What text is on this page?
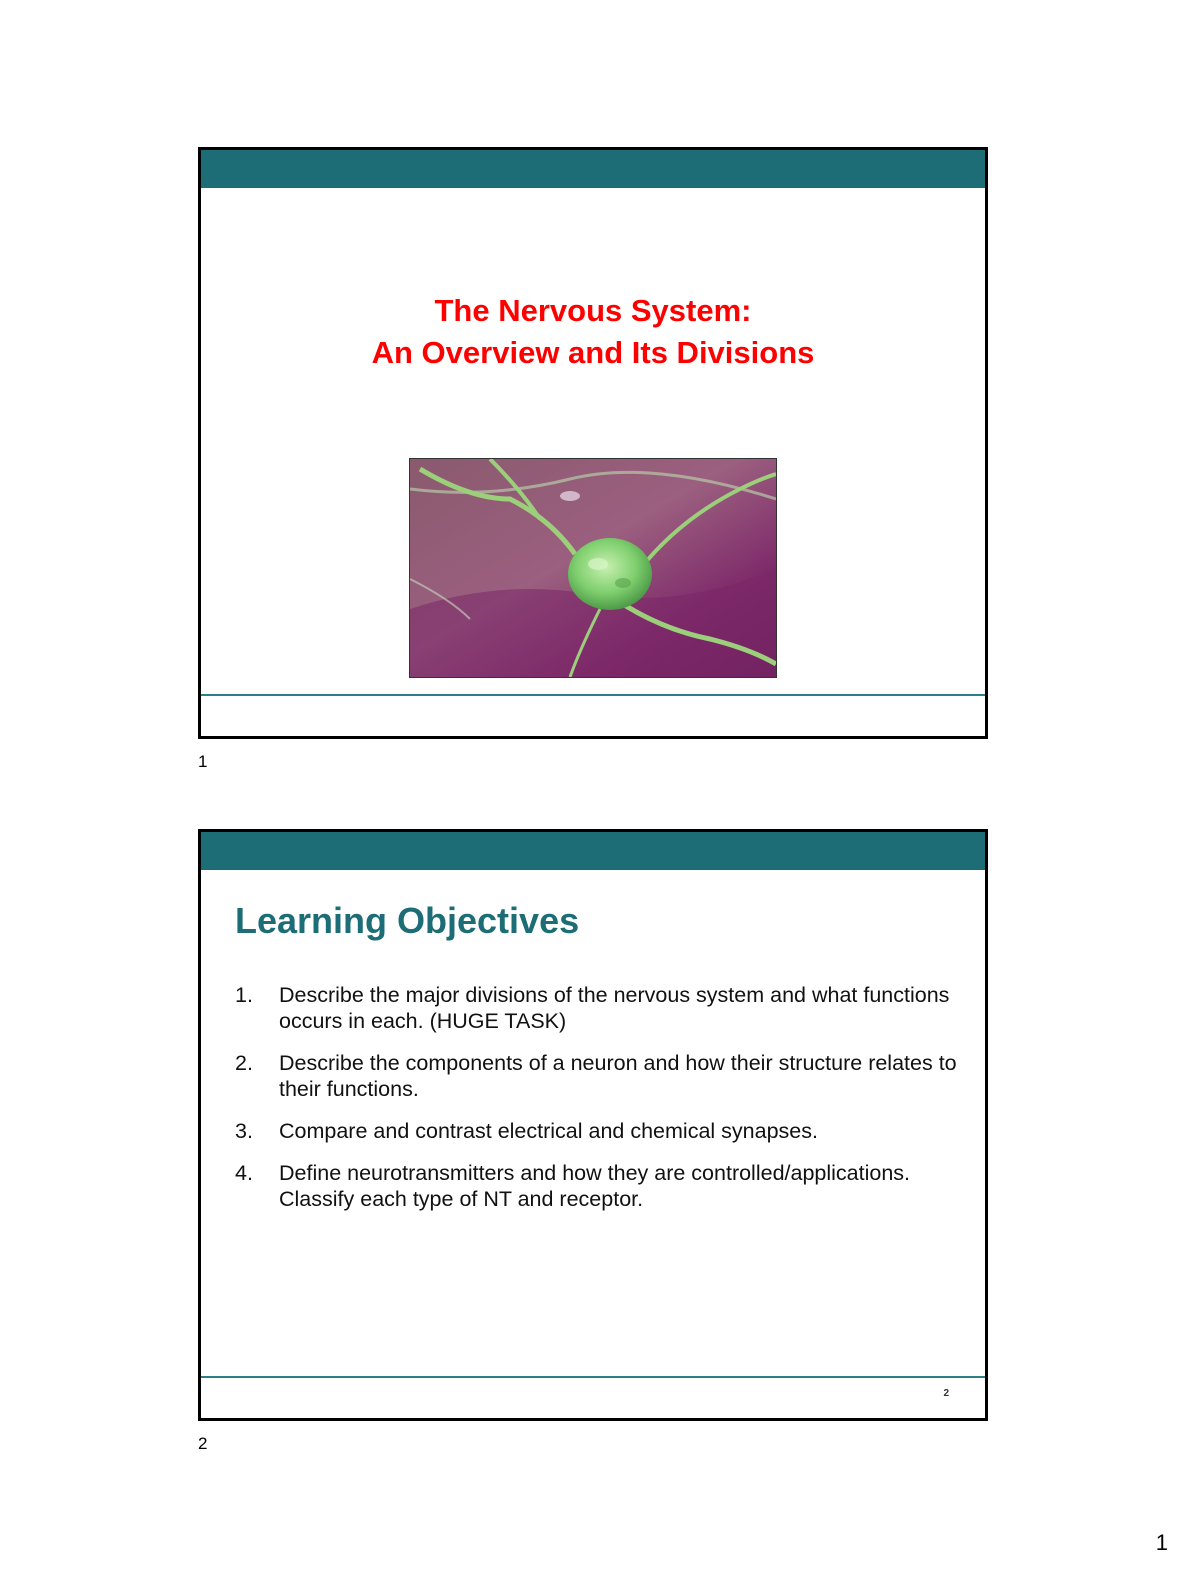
The Nervous System:
An Overview and Its Divisions
1
Learning Objectives
1. Describe the major divisions of the nervous system and what functions occurs in each. (HUGE TASK)
2. Describe the components of a neuron and how their structure relates to their functions.
3. Compare and contrast electrical and chemical synapses.
4. Define neurotransmitters and how they are controlled/applications. Classify each type of NT and receptor.
2
2
1
